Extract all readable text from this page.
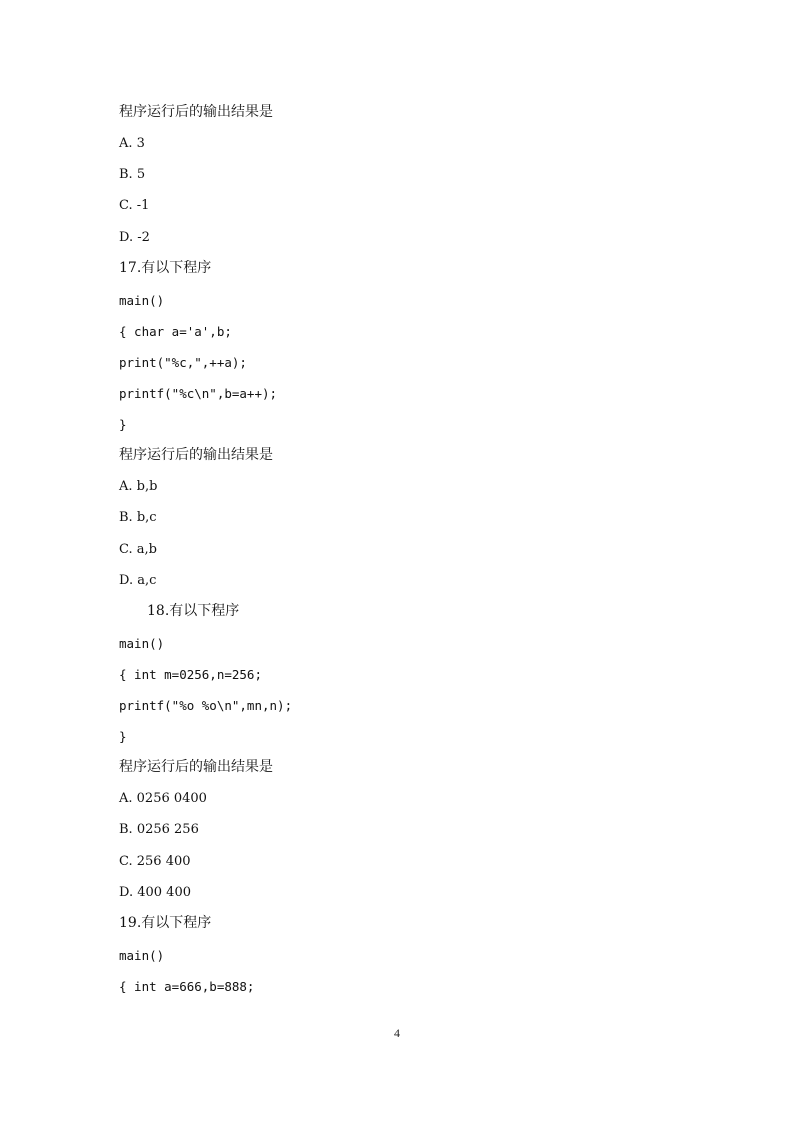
程序运行后的输出结果是
A. 3
B. 5
C. -1
D. -2
17.有以下程序
main()
{ char a='a',b;
print("%c,",++a);
printf("%c\n",b=a++);
}
程序运行后的输出结果是
A. b,b
B. b,c
C. a,b
D. a,c
18.有以下程序
main()
{ int m=0256,n=256;
printf("%o %o\n",mn,n);
}
程序运行后的输出结果是
A. 0256 0400
B. 0256 256
C. 256 400
D. 400 400
19.有以下程序
main()
{ int a=666,b=888;
4
